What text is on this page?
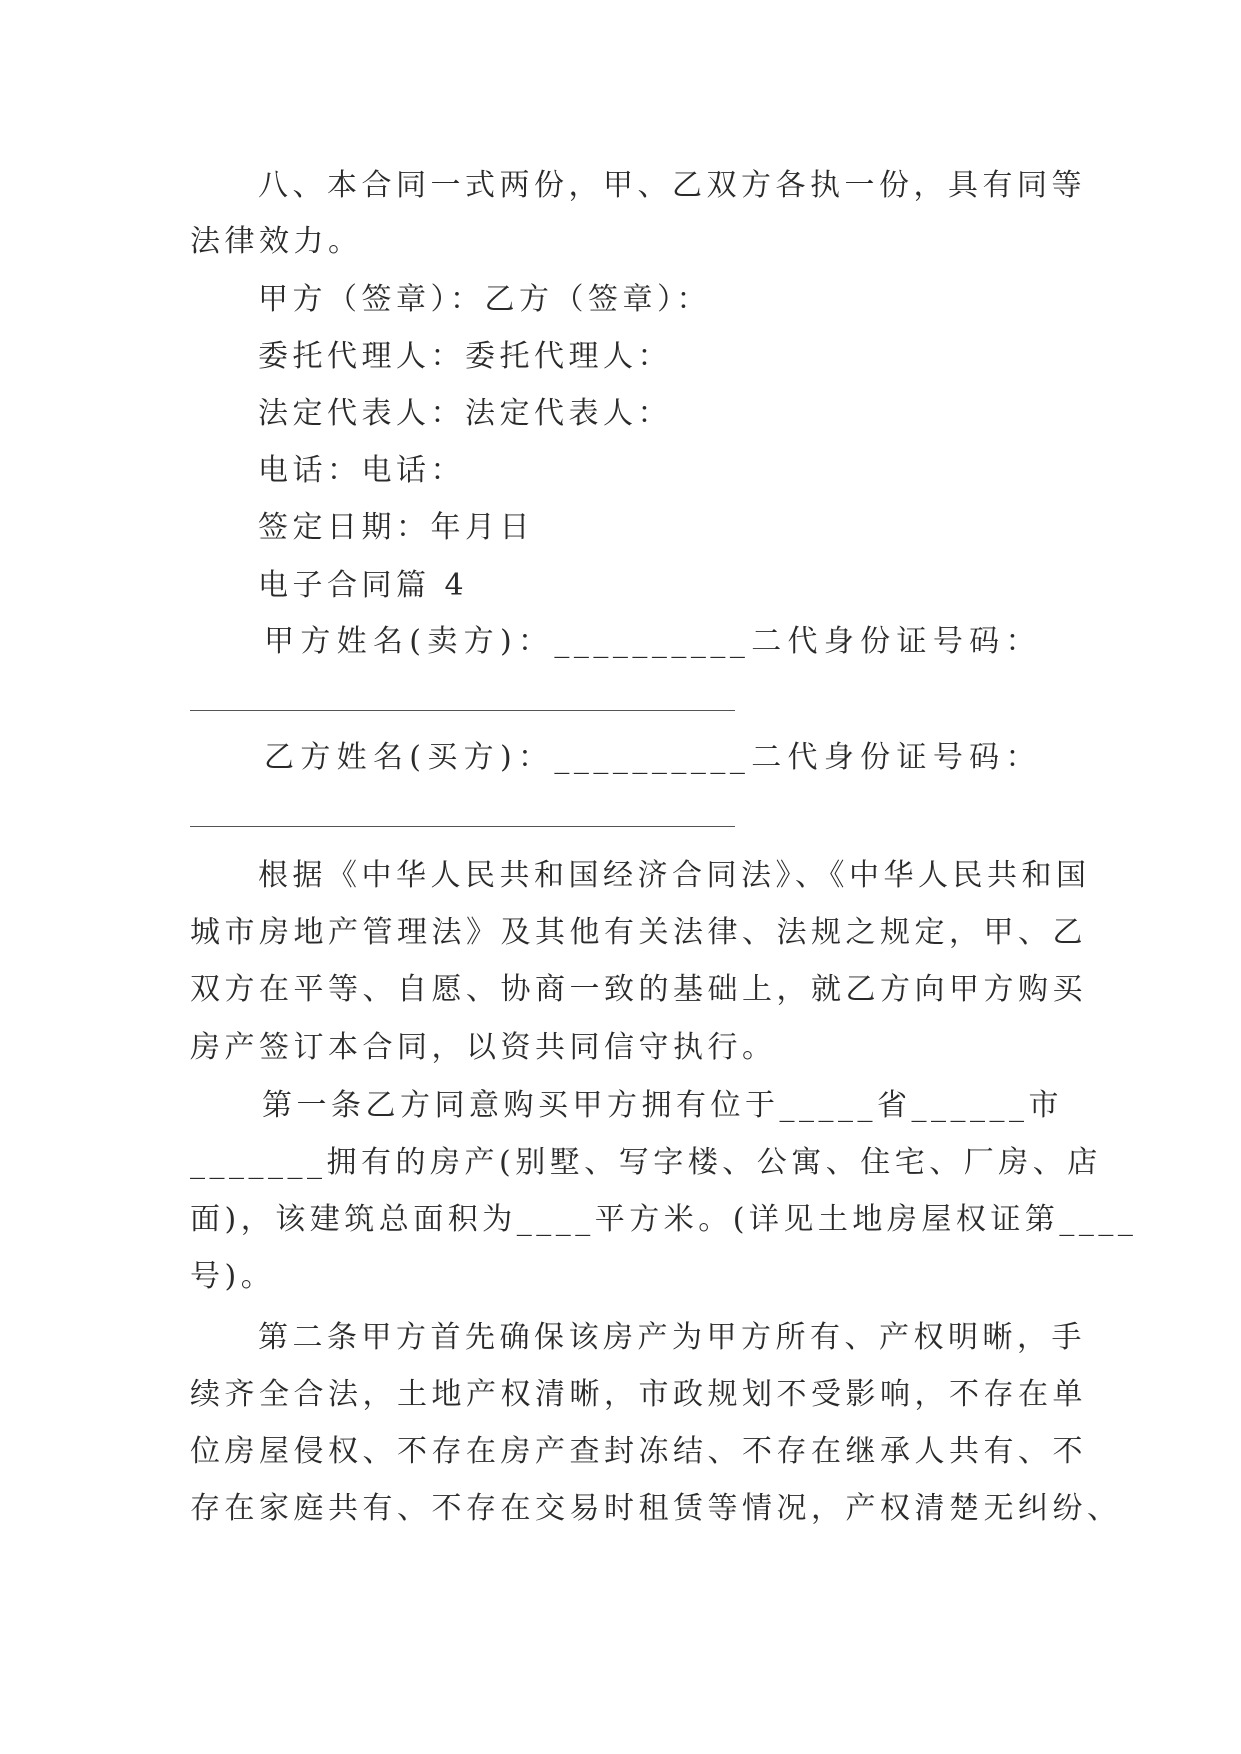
八、本合同一式两份，甲、乙双方各执一份，具有同等
法律效力。
甲方（签章）：乙方（签章）：
委托代理人：委托代理人：
法定代表人：法定代表人：
电话：电话：
签定日期：年月日
电子合同篇 4
甲方姓名(卖方)：__________二代身份证号码：
乙方姓名(买方)：__________二代身份证号码：
根据《中华人民共和国经济合同法》、《中华人民共和国
城市房地产管理法》及其他有关法律、法规之规定，甲、乙
双方在平等、自愿、协商一致的基础上，就乙方向甲方购买
房产签订本合同，以资共同信守执行。
第一条乙方同意购买甲方拥有位于_____省______市
_______拥有的房产(别墅、写字楼、公寓、住宅、厂房、店
面)，该建筑总面积为____平方米。(详见土地房屋权证第____
号)。
第二条甲方首先确保该房产为甲方所有、产权明晰，手
续齐全合法，土地产权清晰，市政规划不受影响，不存在单
位房屋侵权、不存在房产查封冻结、不存在继承人共有、不
存在家庭共有、不存在交易时租赁等情况，产权清楚无纠纷、
